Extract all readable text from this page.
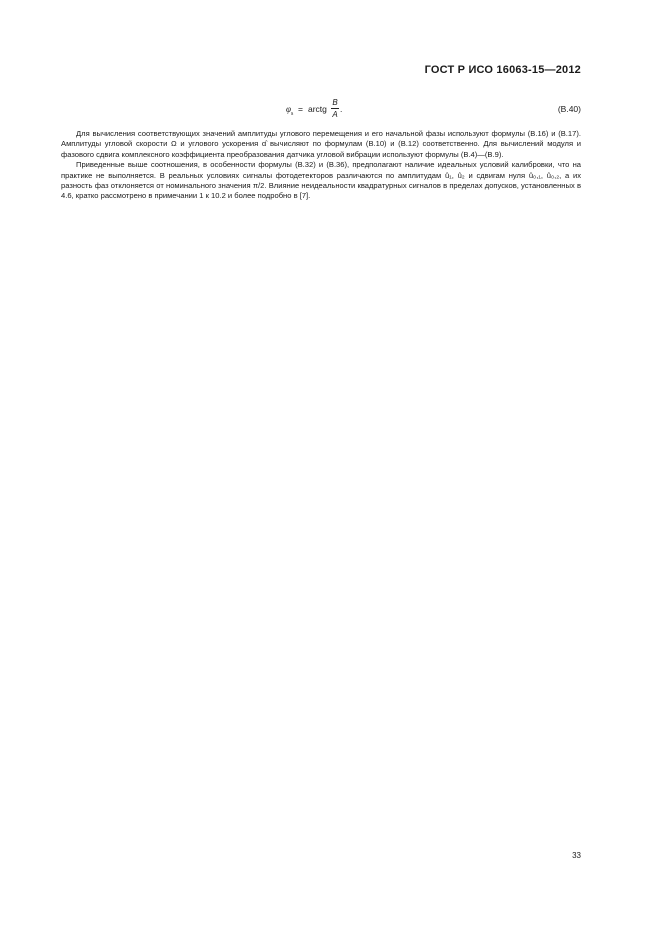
ГОСТ Р ИСО 16063-15—2012
$\varphi_s$ = arctg
B
A
.	(B.40)

Для вычисления соответствующих значений амплитуды углового перемещения и его начальной фазы используют формулы (B.16) и (B.17). Амплитуды угловой скорости Ω и углового ускорения α̂ вычисляют по формулам (B.10) и (B.12) соответственно. Для вычислений модуля и фазового сдвига комплексного коэффициента преобразования датчика угловой вибрации используют формулы (B.4)—(B.9).

Приведенные выше соотношения, в особенности формулы (B.32) и (B.36), предполагают наличие идеальных условий калибровки, что на практике не выполняется. В реальных условиях сигналы фотодетекторов различаются по амплитудам û₁, û₂ и сдвигам нуля û₀,₁, û₀,₂, а их разность фаз отклоняется от номинального значения π/2. Влияние неидеальности квадратурных сигналов в пределах допусков, установленных в 4.6, кратко рассмотрено в примечании 1 к 10.2 и более подробно в [7].

33
